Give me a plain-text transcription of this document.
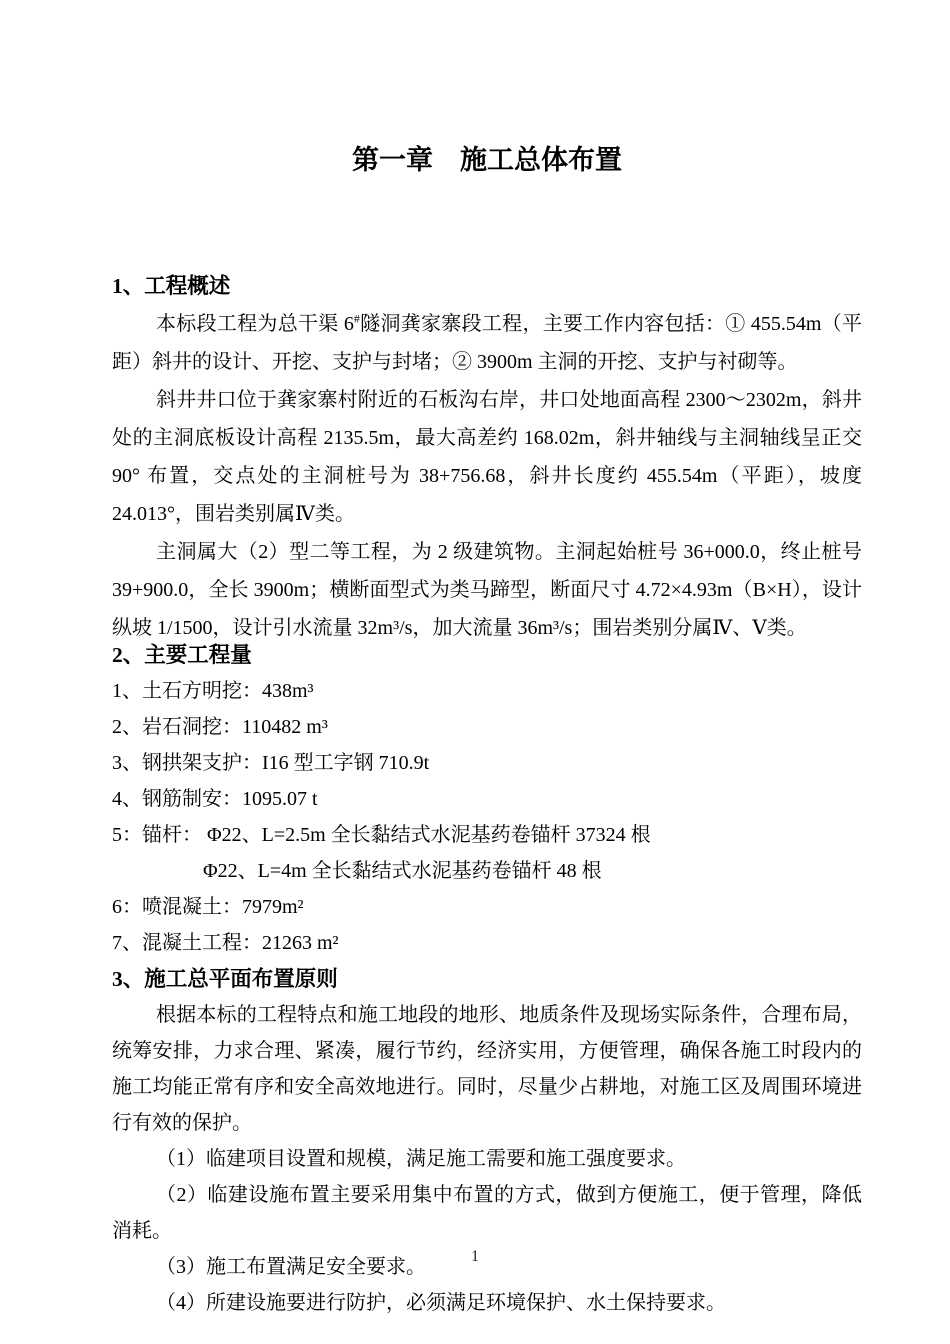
第一章　施工总体布置
1、工程概述

本标段工程为总干渠 6#隧洞龚家寨段工程，主要工作内容包括：① 455.54m（平距）斜井的设计、开挖、支护与封堵；② 3900m 主洞的开挖、支护与衬砌等。

斜井井口位于龚家寨村附近的石板沟右岸，井口处地面高程 2300～2302m，斜井处的主洞底板设计高程 2135.5m，最大高差约 168.02m，斜井轴线与主洞轴线呈正交 90° 布置，交点处的主洞桩号为 38+756.68，斜井长度约 455.54m（平距），坡度 24.013°，围岩类别属Ⅳ类。

主洞属大（2）型二等工程，为 2 级建筑物。主洞起始桩号 36+000.0，终止桩号 39+900.0，全长 3900m；横断面型式为类马蹄型，断面尺寸 4.72×4.93m（B×H），设计纵坡 1/1500，设计引水流量 32m³/s，加大流量 36m³/s；围岩类别分属Ⅳ、Ⅴ类。

2、主要工程量
1、土石方明挖：438m³
2、岩石洞挖：110482 m³
3、钢拱架支护：I16 型工字钢 710.9t
4、钢筋制安：1095.07 t
5：锚杆： Φ22、L=2.5m 全长黏结式水泥基药卷锚杆 37324 根
Φ22、L=4m 全长黏结式水泥基药卷锚杆 48 根
6：喷混凝土：7979m²
7、混凝土工程：21263 m²
3、施工总平面布置原则

根据本标的工程特点和施工地段的地形、地质条件及现场实际条件，合理布局，统筹安排，力求合理、紧凑，履行节约，经济实用，方便管理，确保各施工时段内的施工均能正常有序和安全高效地进行。同时，尽量少占耕地，对施工区及周围环境进行有效的保护。

（1）临建项目设置和规模，满足施工需要和施工强度要求。
（2）临建设施布置主要采用集中布置的方式，做到方便施工，便于管理，降低消耗。
（3）施工布置满足安全要求。
（4）所建设施要进行防护，必须满足环境保护、水土保持要求。
1
